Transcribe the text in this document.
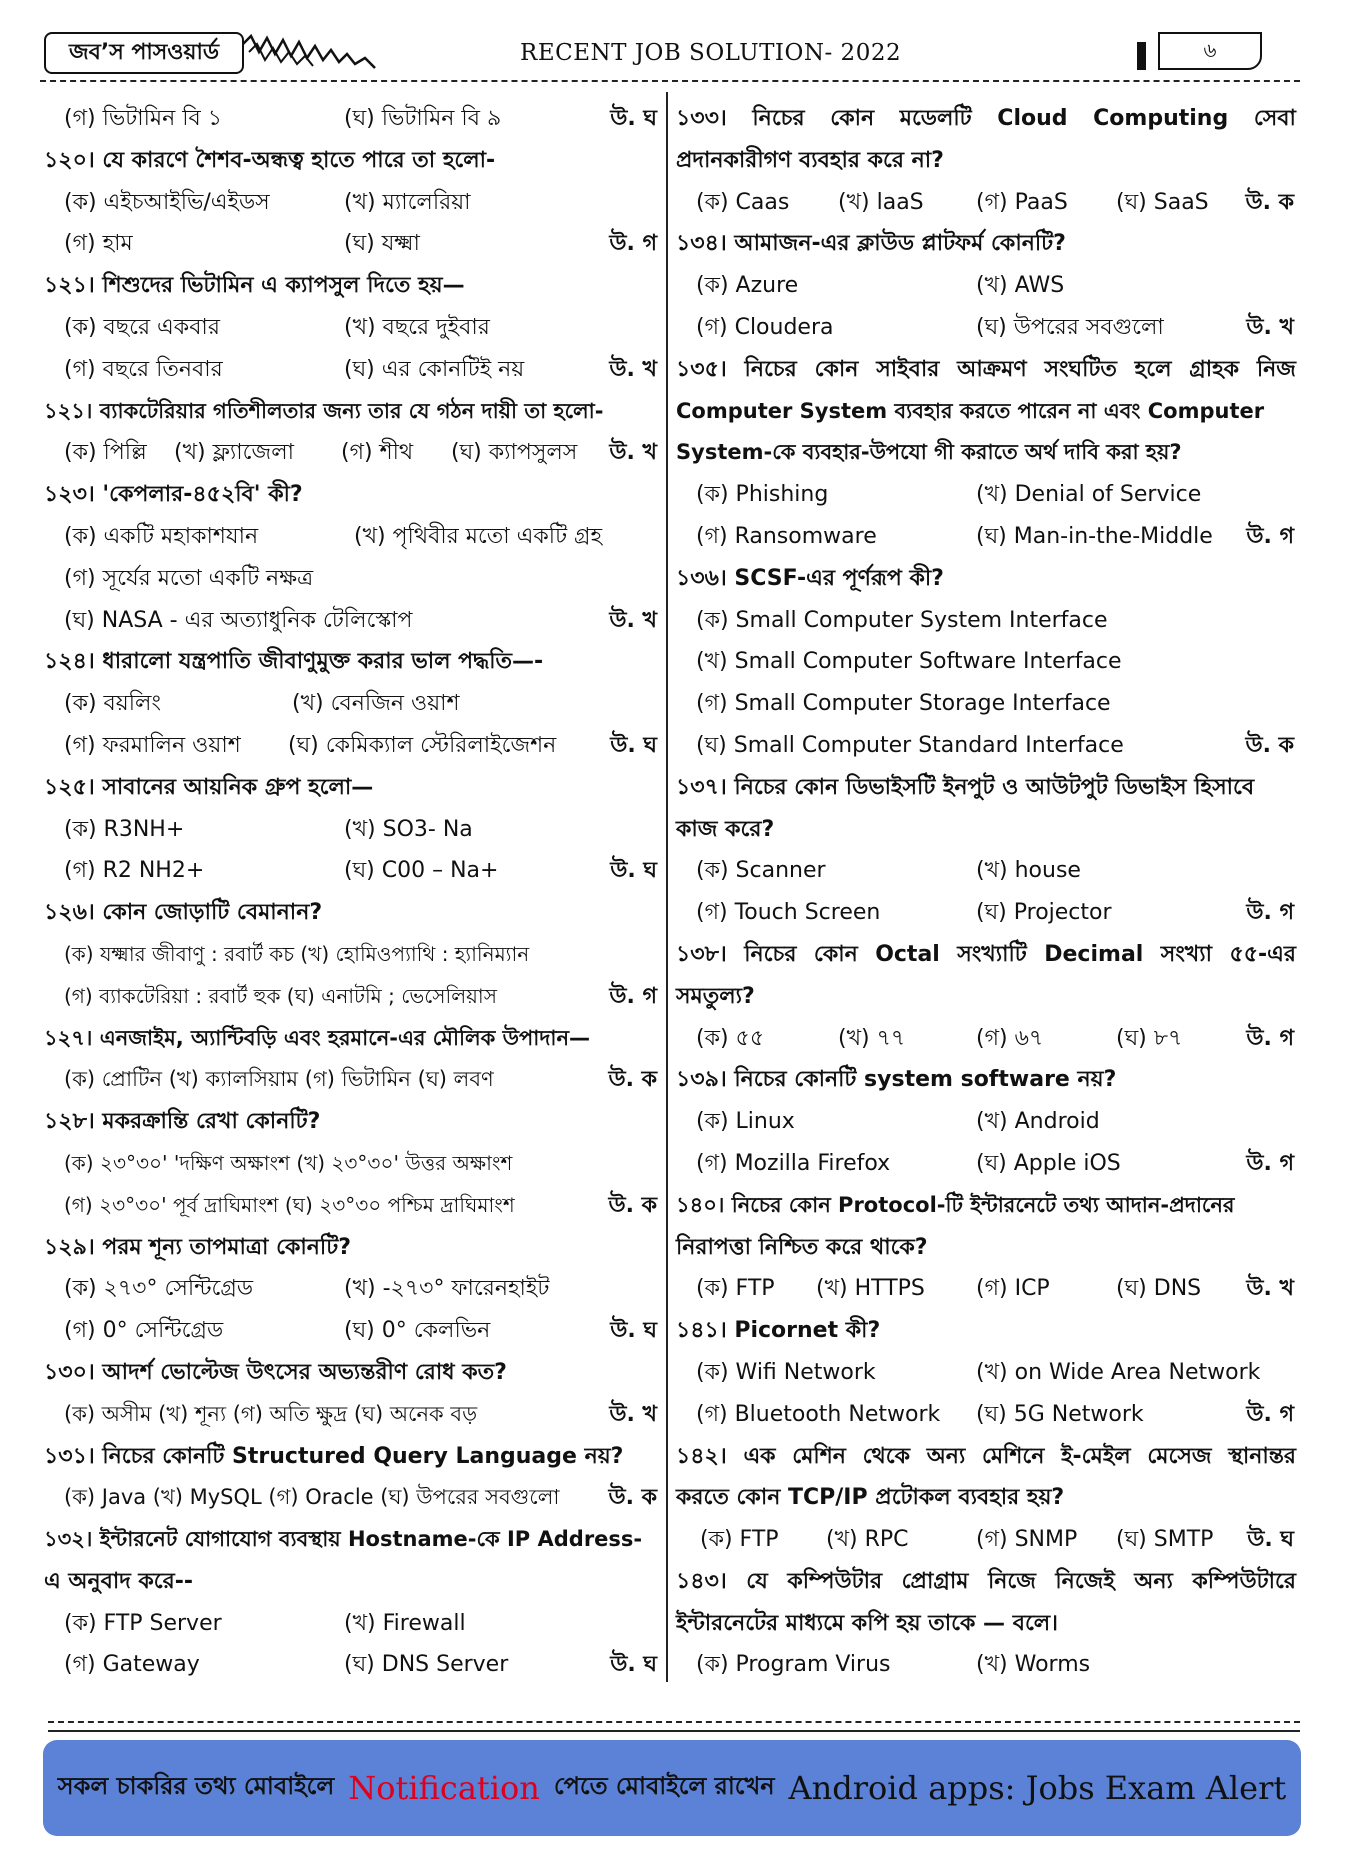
জব’স পাসওয়ার্ড	RECENT JOB SOLUTION- 2022	৬
(গ) ভিটামিন বি ১	(ঘ) ভিটামিন বি ৯	উ. ঘ
১২০। যে কারণে শৈশব-অন্ধত্ব হাতে পারে তা হলো-
(ক) এইচআইভি/এইডস	(খ) ম্যালেরিয়া
(গ) হাম	(ঘ) যক্ষ্মা	উ. গ
১২১। শিশুদের ভিটামিন এ ক্যাপসুল দিতে হয়—
(ক) বছরে একবার	(খ) বছরে দুইবার
(গ) বছরে তিনবার	(ঘ) এর কোনটিই নয়	উ. খ
১২১। ব্যাকটেরিয়ার গতিশীলতার জন্য তার যে গঠন দায়ী তা হলো-
(ক) পিল্লি (খ) ফ্ল্যাজেলা (গ) শীথ (ঘ) ক্যাপসুলস উ. খ
১২৩। 'কেপলার-৪৫২বি' কী?
(ক) একটি মহাকাশযান	(খ) পৃথিবীর মতো একটি গ্রহ
(গ) সূর্যের মতো একটি নক্ষত্র
(ঘ) NASA - এর অত্যাধুনিক টেলিস্কোপ	উ. খ
১২৪। ধারালো যন্ত্রপাতি জীবাণুমুক্ত করার ভাল পদ্ধতি—-
(ক) বয়লিং	(খ) বেনজিন ওয়াশ
(গ) ফরমালিন ওয়াশ (ঘ) কেমিক্যাল স্টেরিলাইজেশন উ. ঘ
১২৫। সাবানের আয়নিক গ্রুপ হলো—
(ক) R3NH+	(খ) SO3- Na
(গ) R2 NH2+	(ঘ) C00 – Na+	উ. ঘ
১২৬। কোন জোড়াটি বেমানান?
(ক) যক্ষ্মার জীবাণু : রবার্ট কচ (খ) হোমিওপ্যাথি : হ্যানিম্যান
(গ) ব্যাকটেরিয়া : রবার্ট হুক (ঘ) এনাটমি ; ভেসেলিয়াস	উ. গ
১২৭। এনজাইম, অ্যান্টিবড়ি এবং হরমানে-এর মৌলিক উপাদান—
(ক) প্রোটিন (খ) ক্যালসিয়াম (গ) ভিটামিন (ঘ) লবণ	উ. ক
১২৮। মকরক্রান্তি রেখা কোনটি?
(ক) ২৩°৩০' 'দক্ষিণ অক্ষাংশ (খ) ২৩°৩০' উত্তর অক্ষাংশ
(গ) ২৩°৩০' পূর্ব দ্রাঘিমাংশ (ঘ) ২৩°৩০ পশ্চিম দ্রাঘিমাংশ	উ. ক
১২৯। পরম শূন্য তাপমাত্রা কোনটি?
(ক) ২৭৩° সেন্টিগ্রেড	(খ) -২৭৩° ফারেনহাইট
(গ) 0° সেন্টিগ্রেড	(ঘ) 0° কেলভিন	উ. ঘ
১৩০। আদর্শ ভোল্টেজ উৎসের অভ্যন্তরীণ রোধ কত?
(ক) অসীম (খ) শূন্য (গ) অতি ক্ষুদ্র (ঘ) অনেক বড়	উ. খ
১৩১। নিচের কোনটি Structured Query Language নয়?
(ক) Java (খ) MySQL (গ) Oracle (ঘ) উপরের সবগুলো উ. ক
১৩২। ইন্টারনেট যোগাযোগ ব্যবস্থায় Hostname-কে IP Address-
এ অনুবাদ করে--
(ক) FTP Server	(খ) Firewall
(গ) Gateway	(ঘ) DNS Server	উ. ঘ
১৩৩। নিচের কোন মডেলটি Cloud Computing সেবা
প্রদানকারীগণ ব্যবহার করে না?
(ক) Caas (খ) laaS (গ) PaaS (ঘ) SaaS উ. ক
১৩৪। আমাজন-এর ক্লাউড প্লাটফর্ম কোনটি?
(ক) Azure	(খ) AWS
(গ) Cloudera	(ঘ) উপরের সবগুলো	উ. খ
১৩৫। নিচের কোন সাইবার আক্রমণ সংঘটিত হলে গ্রাহক নিজ
Computer System ব্যবহার করতে পারেন না এবং Computer
System-কে ব্যবহার-উপযাে গী করাতে অর্থ দাবি করা হয়?
(ক) Phishing	(খ) Denial of Service
(গ) Ransomware	(ঘ) Man-in-the-Middle উ. গ
১৩৬। SCSF-এর পূর্ণরূপ কী?
(ক) Small Computer System Interface
(খ) Small Computer Software Interface
(গ) Small Computer Storage Interface
(ঘ) Small Computer Standard Interface	উ. ক
১৩৭। নিচের কোন ডিভাইসটি ইনপুট ও আউটপুট ডিভাইস হিসাবে
কাজ করে?
(ক) Scanner	(খ) house
(গ) Touch Screen	(ঘ) Projector	উ. গ
১৩৮। নিচের কোন Octal সংখ্যাটি Decimal সংখ্যা ৫৫-এর
সমতুল্য?
(ক) ৫৫	(খ) ৭৭	(গ) ৬৭	(ঘ) ৮৭	উ. গ
১৩৯। নিচের কোনটি system software নয়?
(ক) Linux	(খ) Android
(গ) Mozilla Firefox	(ঘ) Apple iOS	উ. গ
১৪০। নিচের কোন Protocol-টি ইন্টারনেটে তথ্য আদান-প্রদানের
নিরাপত্তা নিশ্চিত করে থাকে?
(ক) FTP (খ) HTTPS (গ) ICP	(ঘ) DNS উ. খ
১৪১। Picornet কী?
(ক) Wifi Network	(খ) on Wide Area Network
(গ) Bluetooth Network (ঘ) 5G Network	উ. গ
১৪২। এক মেশিন থেকে অন্য মেশিনে ই-মেইল মেসেজ স্থানান্তর
করতে কোন TCP/IP প্রটোকল ব্যবহার হয়?
(ক) FTP (খ) RPC	(গ) SNMP (ঘ) SMTP উ. ঘ
১৪৩। যে কম্পিউটার প্রোগ্রাম নিজে নিজেই অন্য কম্পিউটারে
ইন্টারনেটের মাধ্যমে কপি হয় তাকে — বলে।
(ক) Program Virus	(খ) Worms
সকল চাকরির তথ্য মোবাইলে Notification পেতে মোবাইলে রাখেন Android apps: Jobs Exam Alert
